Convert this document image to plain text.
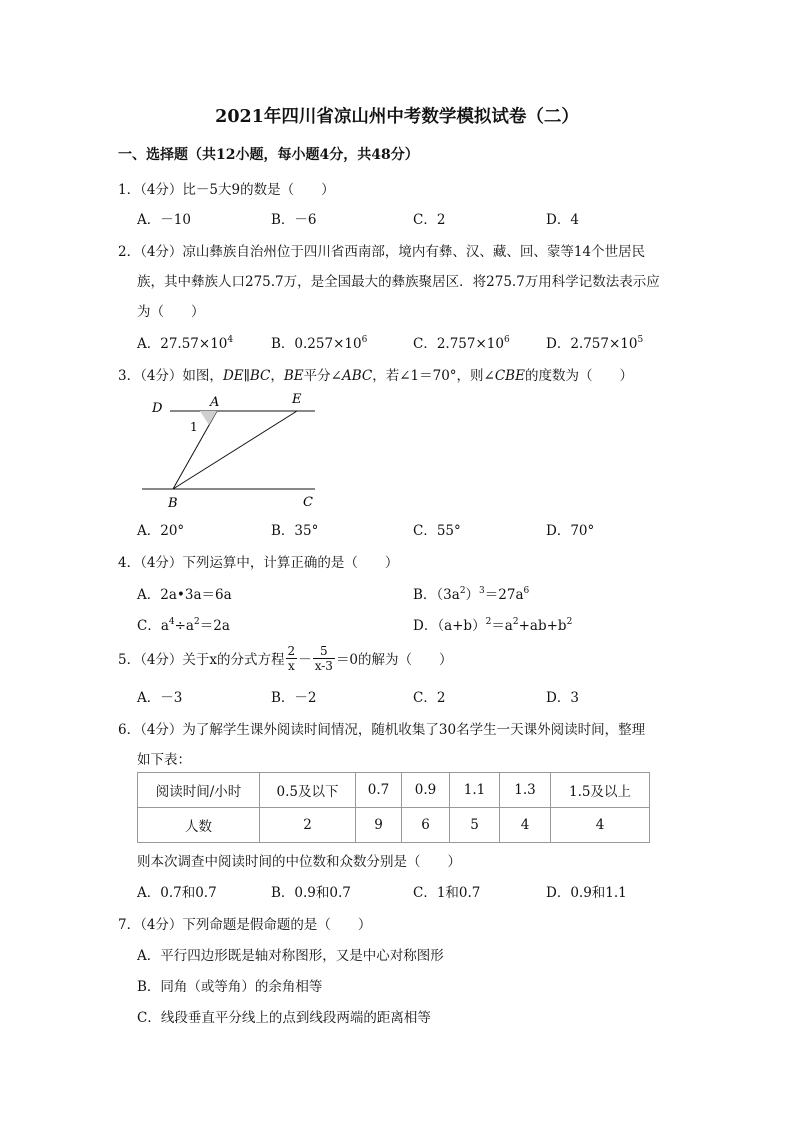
2021年四川省凉山州中考数学模拟试卷（二）
一、选择题（共12小题，每小题4分，共48分）
1．（4分）比－5大9的数是（　　）
A．－10	B．－6	C．2	D．4
2．（4分）凉山彝族自治州位于四川省西南部，境内有彝、汉、藏、回、蒙等14个世居民
族，其中彝族人口275.7万，是全国最大的彝族聚居区．将275.7万用科学记数法表示应
为（　　）
A．$27.57\times 10^4$	B．$0.257\times 10^6$	C．$2.757\times 10^6$	D．$2.757\times 10^5$
3．（4分）如图，DE∥BC，BE平分∠ABC，若∠1＝70°，则∠CBE的度数为（　　）
D	A	E
1
B	C
A．20°	B．35°	C．55°	D．70°
4．（4分）下列运算中，计算正确的是（　　）
A．2a•3a＝6a	B．$(3a^2)^3=27a^6$
C．$a^4\div a^2=2a$	D．$(a+b)^2=a^2+ab+b^2$
5．（4分）关于x的分式方程 $\frac{2}{x} - \frac{5}{x-3} =0$的解为（　　）
A．－3	B．－2	C．2	D．3
6．（4分）为了解学生课外阅读时间情况，随机收集了30名学生一天课外阅读时间，整理
如下表：
阅读时间/小时	0.5及以下	0.7	0.9	1.1	1.3	1.5及以上
人数	2	9	6	5	4	4
则本次调查中阅读时间的中位数和众数分别是（　　）
A．0.7和0.7	B．0.9和0.7	C．1和0.7	D．0.9和1.1
7．（4分）下列命题是假命题的是（　　）
A．平行四边形既是轴对称图形，又是中心对称图形
B．同角（或等角）的余角相等
C．线段垂直平分线上的点到线段两端的距离相等
